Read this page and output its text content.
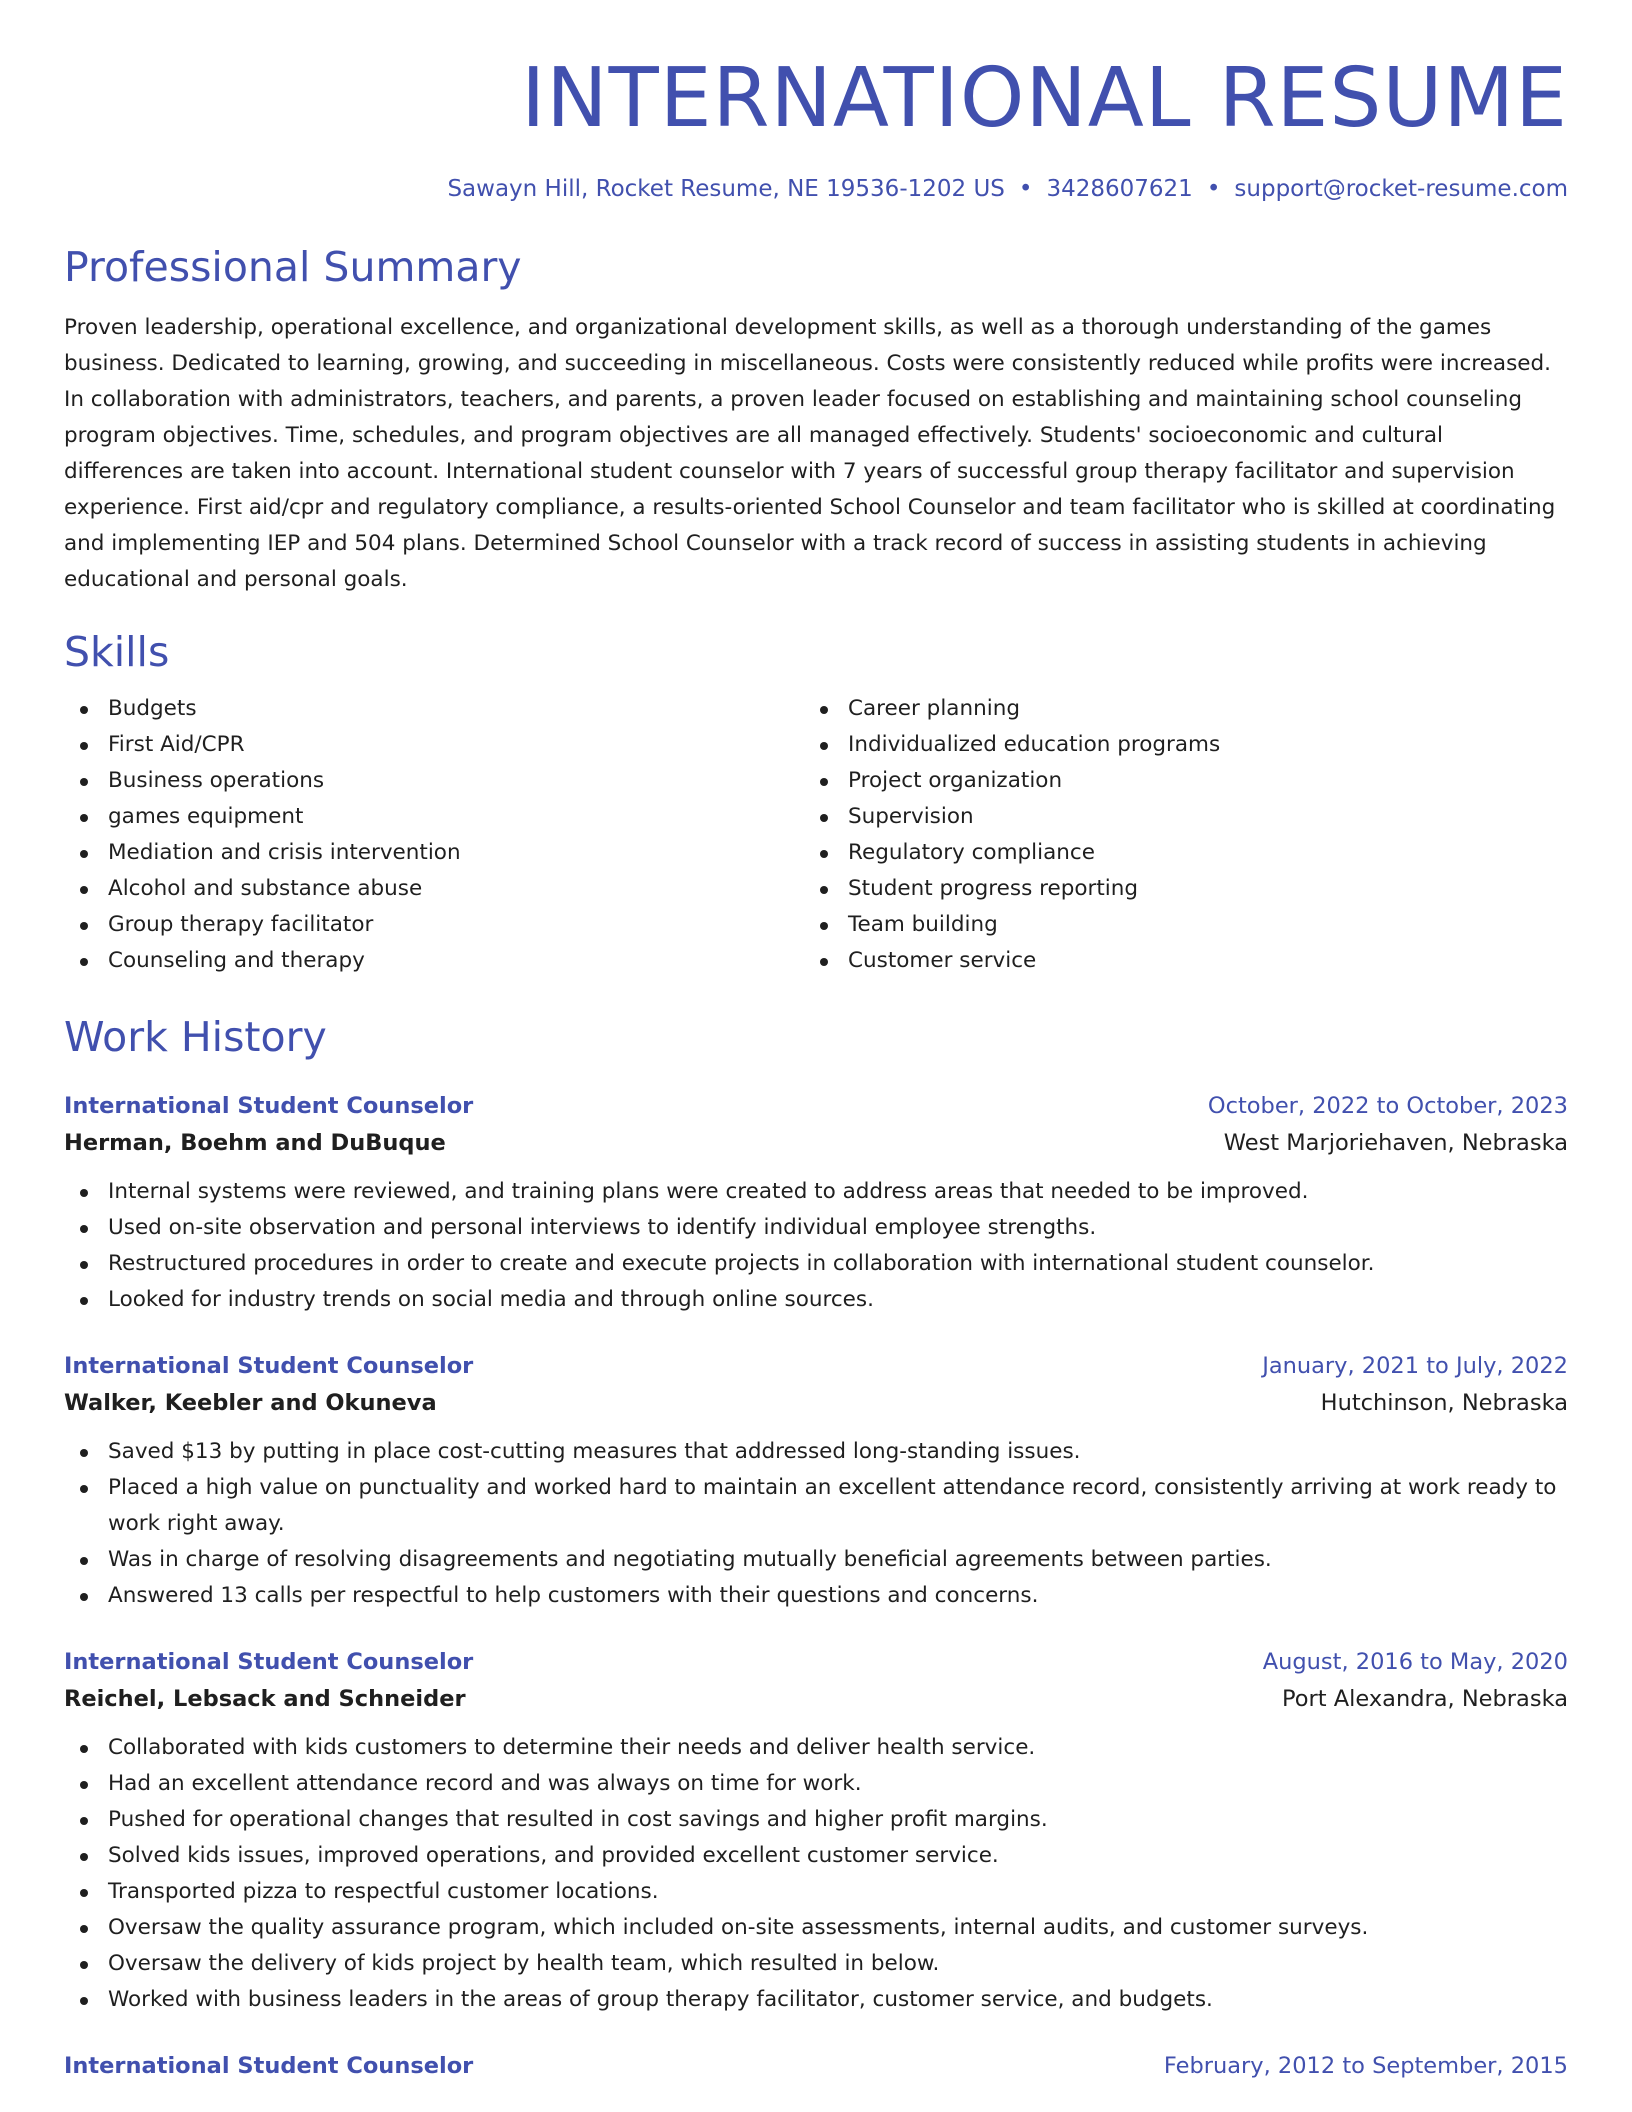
INTERNATIONAL RESUME
Sawayn Hill, Rocket Resume, NE 19536-1202 US • 3428607621 • support@rocket-resume.com
Professional Summary
Proven leadership, operational excellence, and organizational development skills, as well as a thorough understanding of the games business. Dedicated to learning, growing, and succeeding in miscellaneous. Costs were consistently reduced while profits were increased. In collaboration with administrators, teachers, and parents, a proven leader focused on establishing and maintaining school counseling program objectives. Time, schedules, and program objectives are all managed effectively. Students' socioeconomic and cultural differences are taken into account. International student counselor with 7 years of successful group therapy facilitator and supervision experience. First aid/cpr and regulatory compliance, a results-oriented School Counselor and team facilitator who is skilled at coordinating and implementing IEP and 504 plans. Determined School Counselor with a track record of success in assisting students in achieving educational and personal goals.
Skills
Budgets
First Aid/CPR
Business operations
games equipment
Mediation and crisis intervention
Alcohol and substance abuse
Group therapy facilitator
Counseling and therapy
Career planning
Individualized education programs
Project organization
Supervision
Regulatory compliance
Student progress reporting
Team building
Customer service
Work History
International Student Counselor	October, 2022 to October, 2023
Herman, Boehm and DuBuque	West Marjoriehaven, Nebraska
Internal systems were reviewed, and training plans were created to address areas that needed to be improved.
Used on-site observation and personal interviews to identify individual employee strengths.
Restructured procedures in order to create and execute projects in collaboration with international student counselor.
Looked for industry trends on social media and through online sources.
International Student Counselor	January, 2021 to July, 2022
Walker, Keebler and Okuneva	Hutchinson, Nebraska
Saved $13 by putting in place cost-cutting measures that addressed long-standing issues.
Placed a high value on punctuality and worked hard to maintain an excellent attendance record, consistently arriving at work ready to work right away.
Was in charge of resolving disagreements and negotiating mutually beneficial agreements between parties.
Answered 13 calls per respectful to help customers with their questions and concerns.
International Student Counselor	August, 2016 to May, 2020
Reichel, Lebsack and Schneider	Port Alexandra, Nebraska
Collaborated with kids customers to determine their needs and deliver health service.
Had an excellent attendance record and was always on time for work.
Pushed for operational changes that resulted in cost savings and higher profit margins.
Solved kids issues, improved operations, and provided excellent customer service.
Transported pizza to respectful customer locations.
Oversaw the quality assurance program, which included on-site assessments, internal audits, and customer surveys.
Oversaw the delivery of kids project by health team, which resulted in below.
Worked with business leaders in the areas of group therapy facilitator, customer service, and budgets.
International Student Counselor	February, 2012 to September, 2015
